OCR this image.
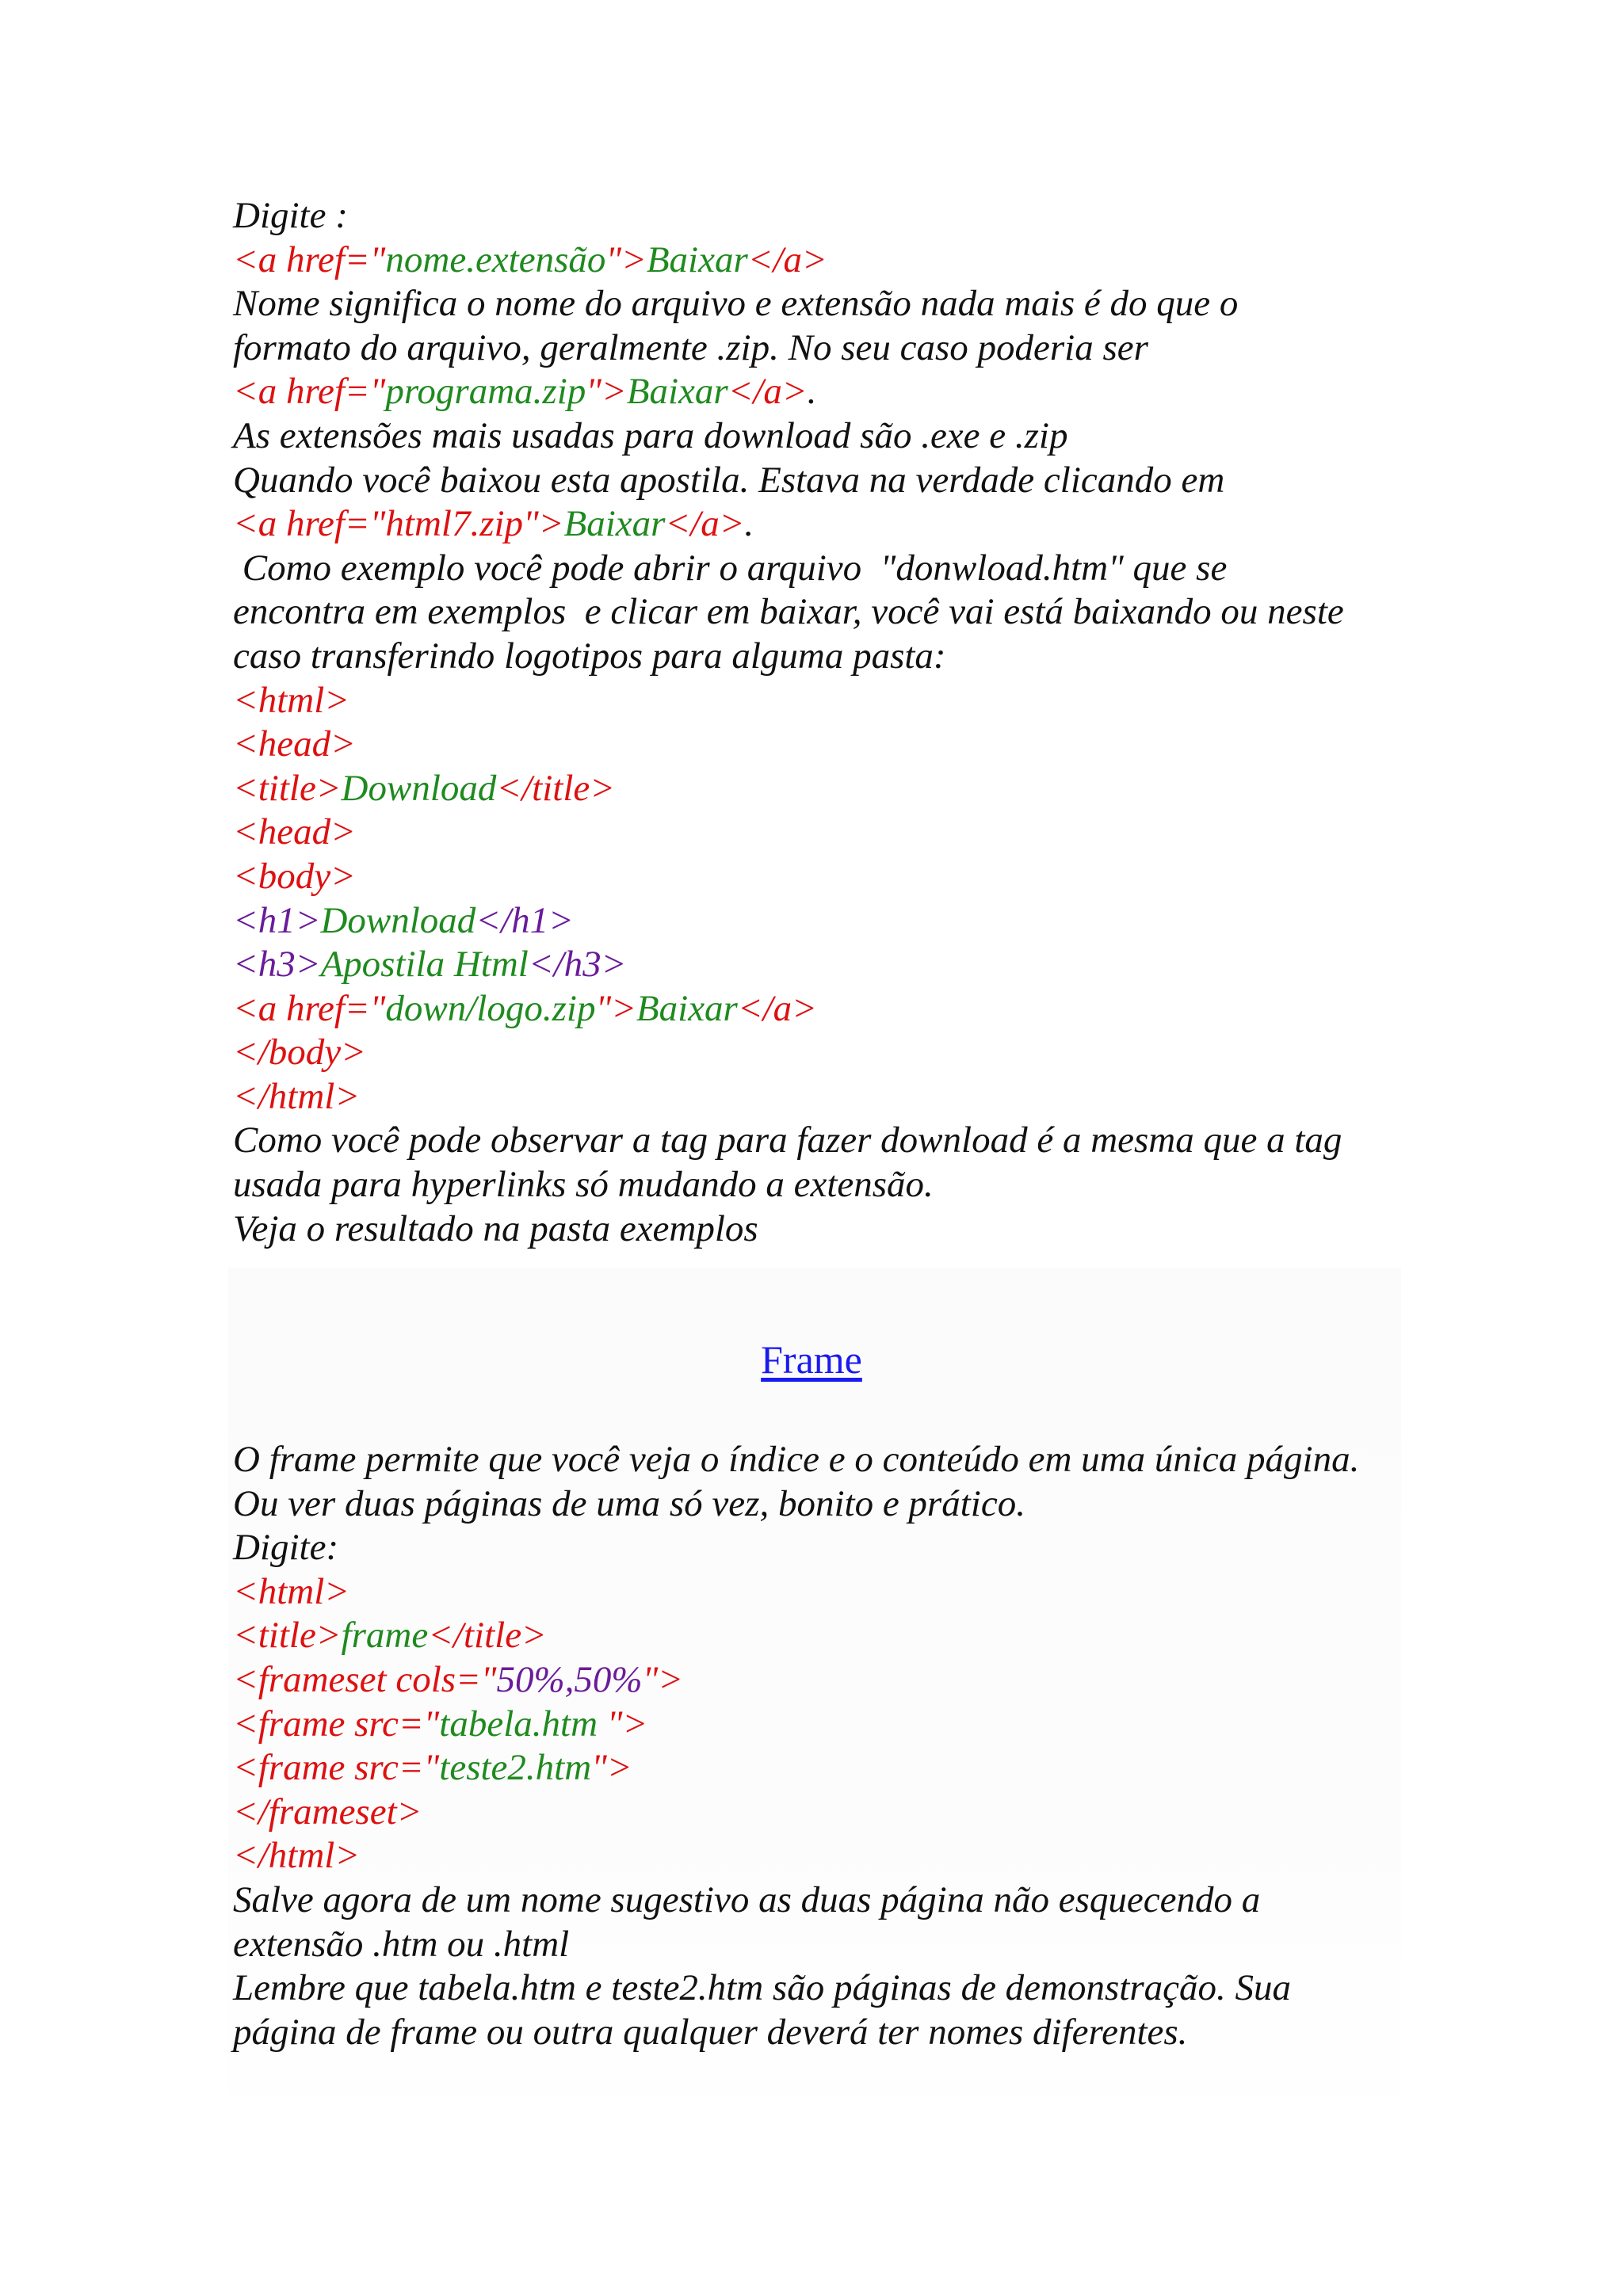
Digite :
<a href="nome.extensão">Baixar</a>
Nome significa o nome do arquivo e extensão nada mais é do que o
formato do arquivo, geralmente .zip. No seu caso poderia ser
<a href="programa.zip">Baixar</a>.
As extensões mais usadas para download são .exe e .zip
Quando você baixou esta apostila. Estava na verdade clicando em
<a href="html7.zip">Baixar</a>.
Como exemplo você pode abrir o arquivo  "donwload.htm" que se
encontra em exemplos  e clicar em baixar, você vai está baixando ou neste
caso transferindo logotipos para alguma pasta:
<html>
<head>
<title>Download</title>
<head>
<body>
<h1>Download</h1>
<h3>Apostila Html</h3>
<a href="down/logo.zip">Baixar</a>
</body>
</html>
Como você pode observar a tag para fazer download é a mesma que a tag
usada para hyperlinks só mudando a extensão.
Veja o resultado na pasta exemplos
Frame
O frame permite que você veja o índice e o conteúdo em uma única página.
Ou ver duas páginas de uma só vez, bonito e prático.
Digite:
<html>
<title>frame</title>
<frameset cols="50%,50%">
<frame src="tabela.htm ">
<frame src="teste2.htm">
</frameset>
</html>
Salve agora de um nome sugestivo as duas página não esquecendo a
extensão .htm ou .html
Lembre que tabela.htm e teste2.htm são páginas de demonstração. Sua
página de frame ou outra qualquer deverá ter nomes diferentes.
